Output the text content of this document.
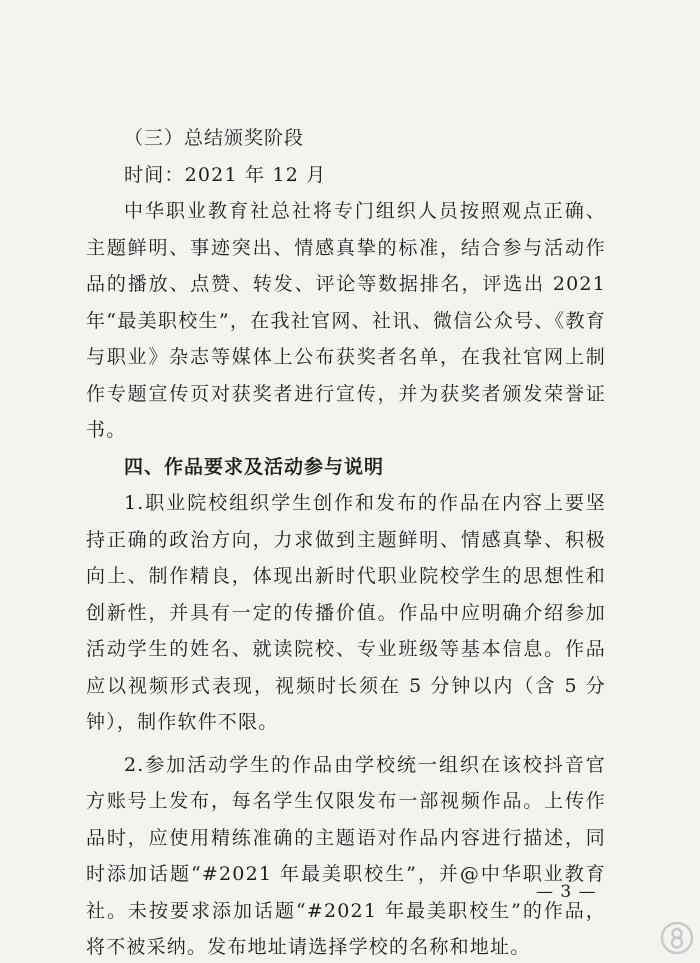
（三）总结颁奖阶段

时间：2021 年 12 月

中华职业教育社总社将专门组织人员按照观点正确、主题鲜明、事迹突出、情感真挚的标准，结合参与活动作品的播放、点赞、转发、评论等数据排名，评选出 2021 年“最美职校生”，在我社官网、社讯、微信公众号、《教育与职业》杂志等媒体上公布获奖者名单，在我社官网上制作专题宣传页对获奖者进行宣传，并为获奖者颁发荣誉证书。

四、作品要求及活动参与说明

1.职业院校组织学生创作和发布的作品在内容上要坚持正确的政治方向，力求做到主题鲜明、情感真挚、积极向上、制作精良，体现出新时代职业院校学生的思想性和创新性，并具有一定的传播价值。作品中应明确介绍参加活动学生的姓名、就读院校、专业班级等基本信息。作品应以视频形式表现，视频时长须在 5 分钟以内（含 5 分钟），制作软件不限。

2.参加活动学生的作品由学校统一组织在该校抖音官方账号上发布，每名学生仅限发布一部视频作品。上传作品时，应使用精练准确的主题语对作品内容进行描述，同时添加话题“#2021 年最美职校生”，并@中华职业教育社。未按要求添加话题“#2021 年最美职校生”的作品，将不被采纳。发布地址请选择学校的名称和地址。

— 3 —
